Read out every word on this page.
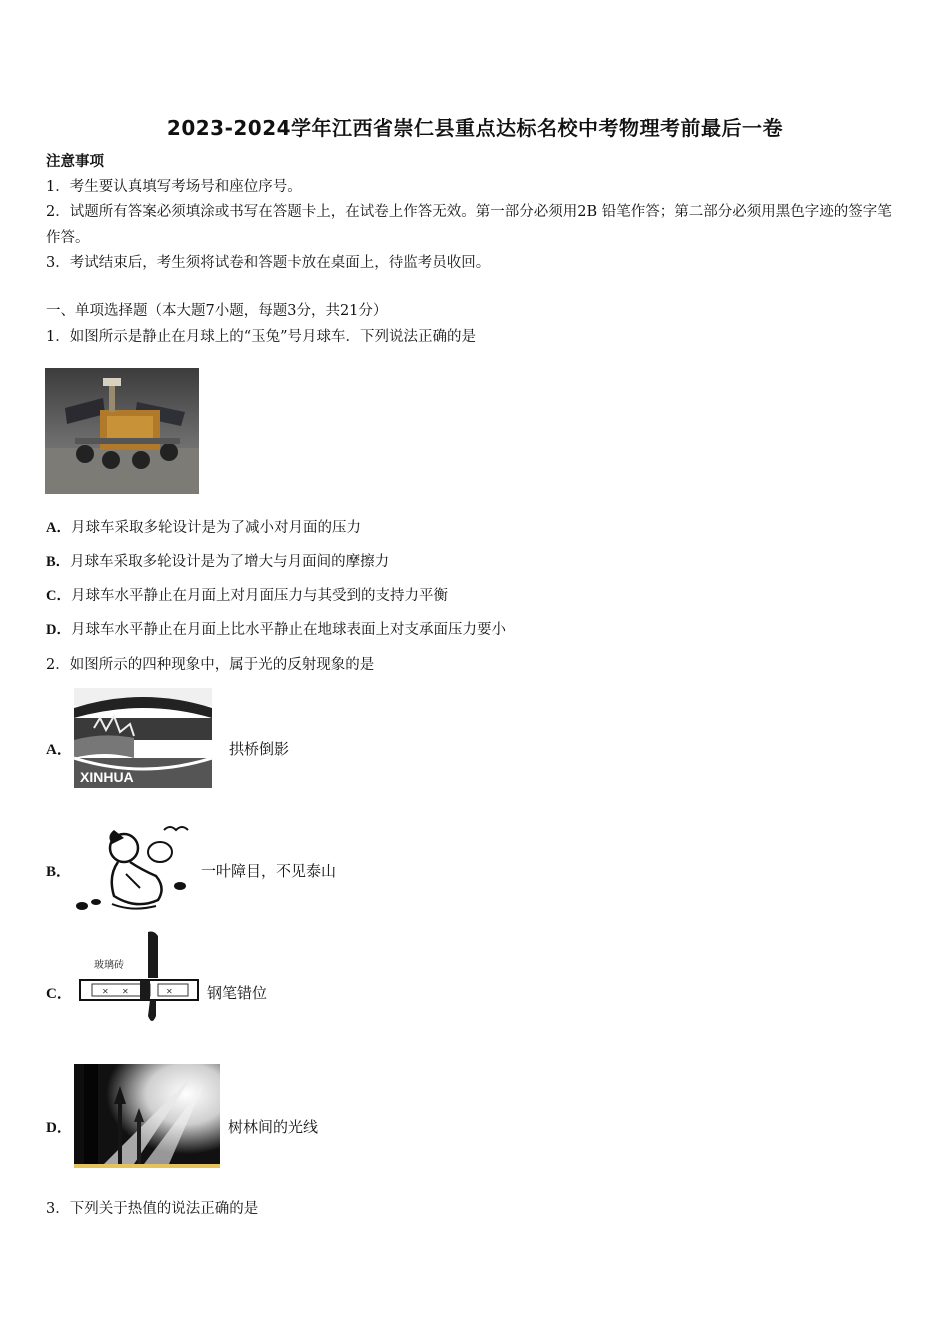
2023-2024学年江西省崇仁县重点达标名校中考物理考前最后一卷
注意事项
1．考生要认真填写考场号和座位序号。
2．试题所有答案必须填涂或书写在答题卡上，在试卷上作答无效。第一部分必须用2B 铅笔作答；第二部分必须用黑色字迹的签字笔作答。
3．考试结束后，考生须将试卷和答题卡放在桌面上，待监考员收回。
一、单项选择题（本大题7小题，每题3分，共21分）
1．如图所示是静止在月球上的“玉兔”号月球车．下列说法正确的是
A．月球车采取多轮设计是为了减小对月面的压力
B．月球车采取多轮设计是为了增大与月面间的摩擦力
C．月球车水平静止在月面上对月面压力与其受到的支持力平衡
D．月球车水平静止在月面上比水平静止在地球表面上对支承面压力要小
2．如图所示的四种现象中，属于光的反射现象的是
A．
XINHUA
拱桥倒影
B．	一叶障目，不见泰山
C．
玻璃砖
✕ ✕	✕ 钢笔错位
D．	树林间的光线
3．下列关于热值的说法正确的是
